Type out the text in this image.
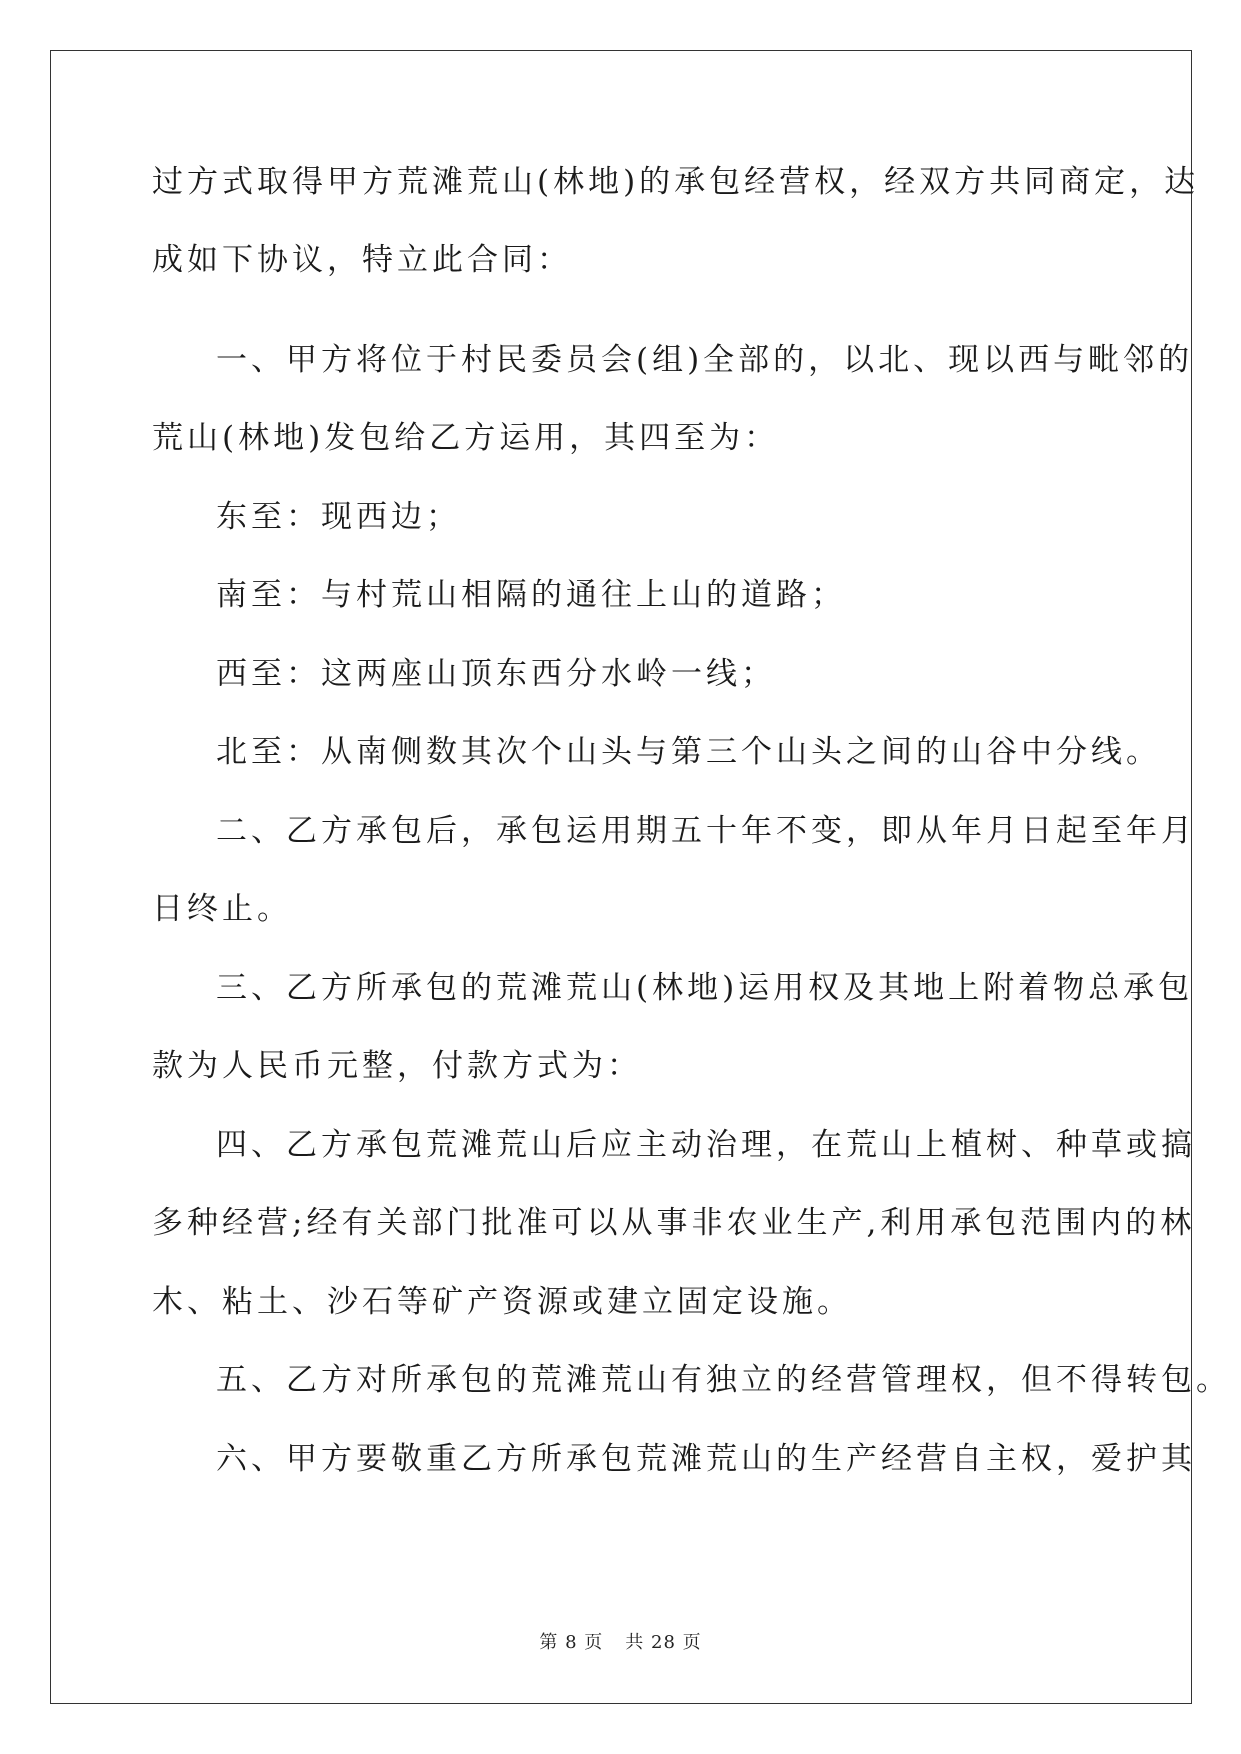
过方式取得甲方荒滩荒山(林地)的承包经营权，经双方共同商定，达
成如下协议，特立此合同：
一、甲方将位于村民委员会(组)全部的，以北、现以西与毗邻的
荒山(林地)发包给乙方运用，其四至为：
东至：现西边；
南至：与村荒山相隔的通往上山的道路；
西至：这两座山顶东西分水岭一线；
北至：从南侧数其次个山头与第三个山头之间的山谷中分线。
二、乙方承包后，承包运用期五十年不变，即从年月日起至年月
日终止。
三、乙方所承包的荒滩荒山(林地)运用权及其地上附着物总承包
款为人民币元整，付款方式为：
四、乙方承包荒滩荒山后应主动治理，在荒山上植树、种草或搞
多种经营;经有关部门批准可以从事非农业生产,利用承包范围内的林
木、粘土、沙石等矿产资源或建立固定设施。
五、乙方对所承包的荒滩荒山有独立的经营管理权，但不得转包。
六、甲方要敬重乙方所承包荒滩荒山的生产经营自主权，爱护其
第 8 页 共 28 页
